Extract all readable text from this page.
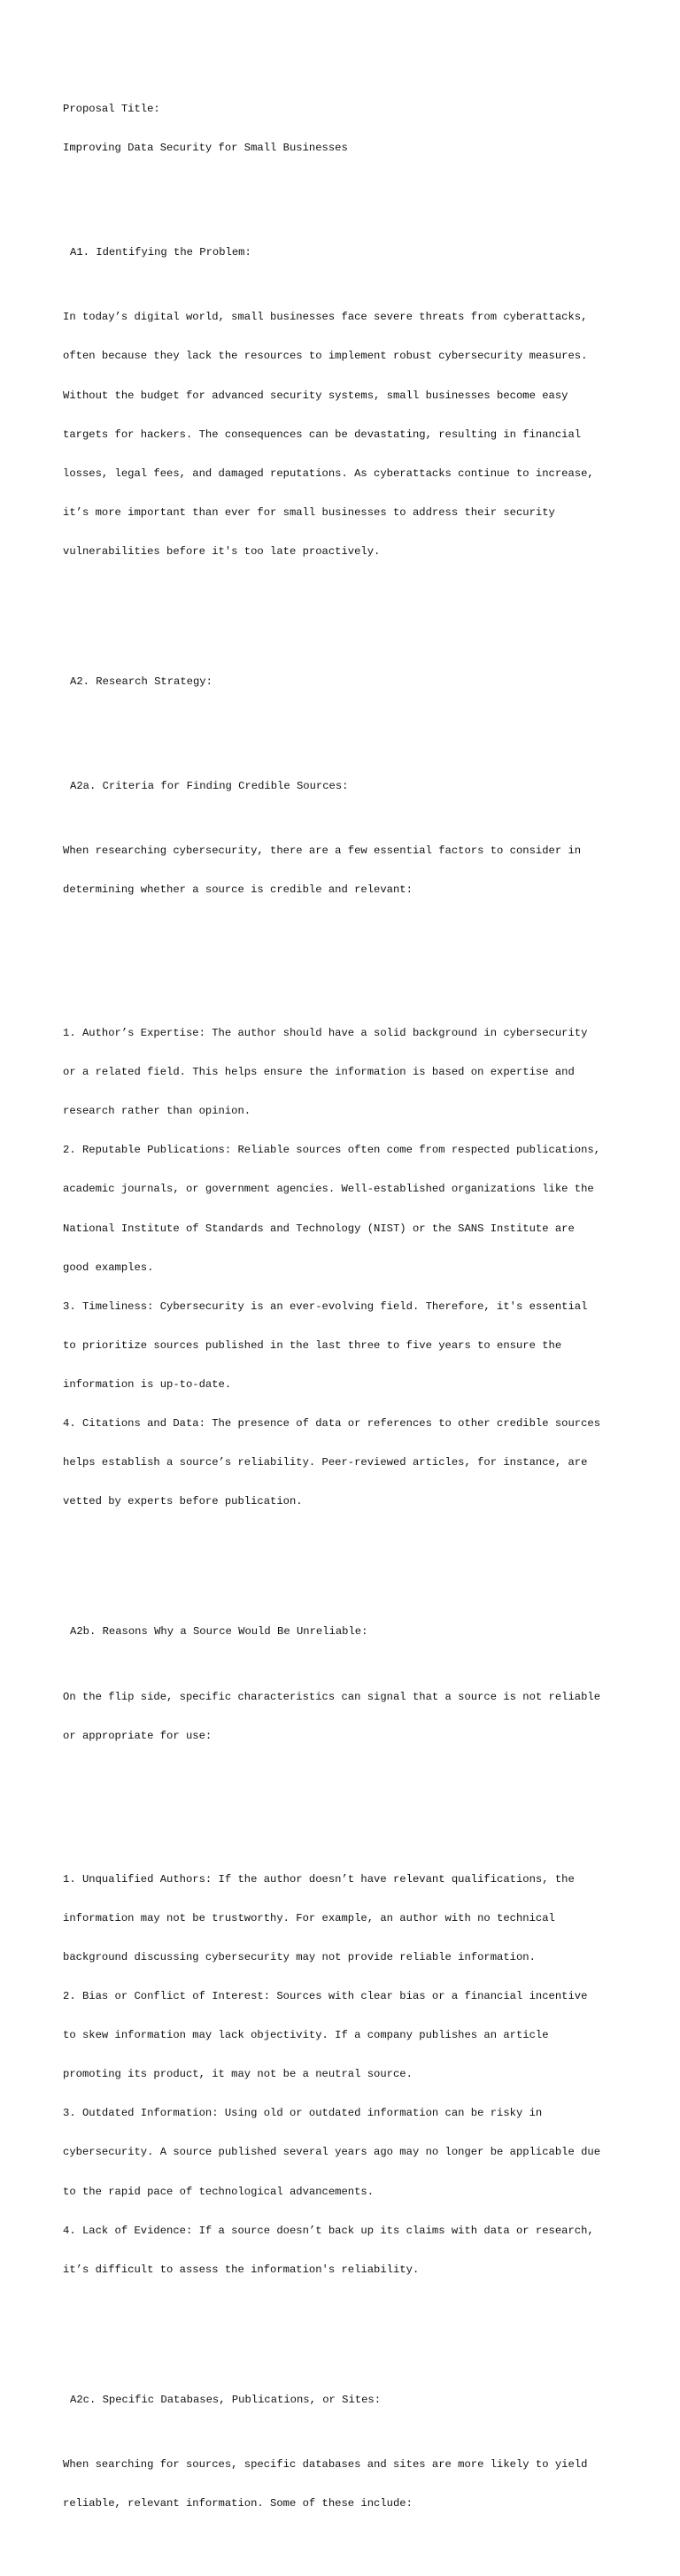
Proposal Title:

Improving Data Security for Small Businesses

A1. Identifying the Problem:

In today’s digital world, small businesses face severe threats from cyberattacks,

often because they lack the resources to implement robust cybersecurity measures.

Without the budget for advanced security systems, small businesses become easy

targets for hackers. The consequences can be devastating, resulting in financial

losses, legal fees, and damaged reputations. As cyberattacks continue to increase,

it’s more important than ever for small businesses to address their security

vulnerabilities before it's too late proactively.

A2. Research Strategy:

A2a. Criteria for Finding Credible Sources:

When researching cybersecurity, there are a few essential factors to consider in

determining whether a source is credible and relevant:

1. Author’s Expertise: The author should have a solid background in cybersecurity

or a related field. This helps ensure the information is based on expertise and

research rather than opinion.

2. Reputable Publications: Reliable sources often come from respected publications,

academic journals, or government agencies. Well-established organizations like the

National Institute of Standards and Technology (NIST) or the SANS Institute are

good examples.

3. Timeliness: Cybersecurity is an ever-evolving field. Therefore, it's essential

to prioritize sources published in the last three to five years to ensure the

information is up-to-date.

4. Citations and Data: The presence of data or references to other credible sources

helps establish a source’s reliability. Peer-reviewed articles, for instance, are

vetted by experts before publication.

A2b. Reasons Why a Source Would Be Unreliable:

On the flip side, specific characteristics can signal that a source is not reliable

or appropriate for use:

1. Unqualified Authors: If the author doesn’t have relevant qualifications, the

information may not be trustworthy. For example, an author with no technical

background discussing cybersecurity may not provide reliable information.

2. Bias or Conflict of Interest: Sources with clear bias or a financial incentive

to skew information may lack objectivity. If a company publishes an article

promoting its product, it may not be a neutral source.

3. Outdated Information: Using old or outdated information can be risky in

cybersecurity. A source published several years ago may no longer be applicable due

to the rapid pace of technological advancements.

4. Lack of Evidence: If a source doesn’t back up its claims with data or research,

it’s difficult to assess the information's reliability.

A2c. Specific Databases, Publications, or Sites:

When searching for sources, specific databases and sites are more likely to yield

reliable, relevant information. Some of these include:
